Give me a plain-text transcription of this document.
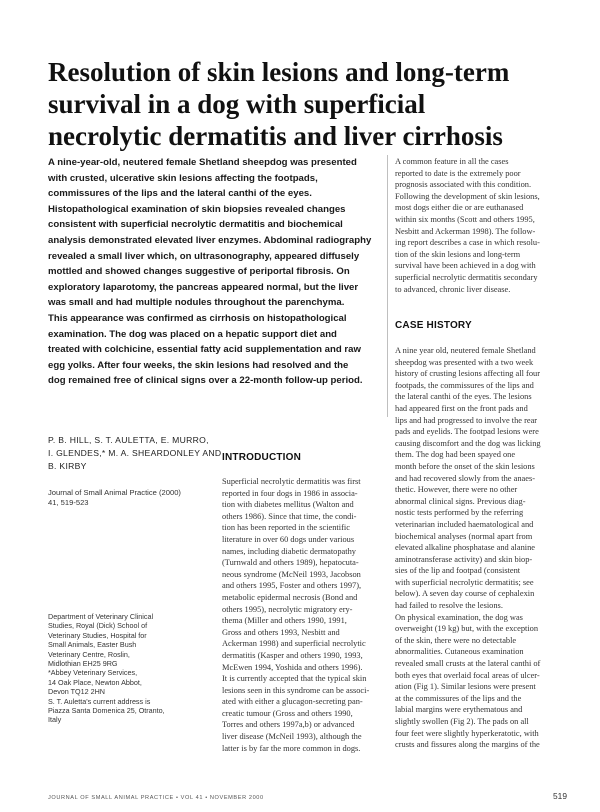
Resolution of skin lesions and long-term
survival in a dog with superficial
necrolytic dermatitis and liver cirrhosis
A nine-year-old, neutered female Shetland sheepdog was presented
with crusted, ulcerative skin lesions affecting the footpads,
commissures of the lips and the lateral canthi of the eyes.
Histopathological examination of skin biopsies revealed changes
consistent with superficial necrolytic dermatitis and biochemical
analysis demonstrated elevated liver enzymes. Abdominal radiography
revealed a small liver which, on ultrasonography, appeared diffusely
mottled and showed changes suggestive of periportal fibrosis. On
exploratory laparotomy, the pancreas appeared normal, but the liver
was small and had multiple nodules throughout the parenchyma.
This appearance was confirmed as cirrhosis on histopathological
examination. The dog was placed on a hepatic support diet and
treated with colchicine, essential fatty acid supplementation and raw
egg yolks. After four weeks, the skin lesions had resolved and the
dog remained free of clinical signs over a 22-month follow-up period.
A common feature in all the cases
reported to date is the extremely poor
prognosis associated with this condition.
Following the development of skin lesions,
most dogs either die or are euthanased
within six months (Scott and others 1995,
Nesbitt and Ackerman 1998). The follow-
ing report describes a case in which resolu-
tion of the skin lesions and long-term
survival have been achieved in a dog with
superficial necrolytic dermatitis secondary
to advanced, chronic liver disease.
CASE HISTORY
A nine year old, neutered female Shetland
sheepdog was presented with a two week
history of crusting lesions affecting all four
footpads, the commissures of the lips and
the lateral canthi of the eyes. The lesions
had appeared first on the front pads and
lips and had progressed to involve the rear
pads and eyelids. The footpad lesions were
causing discomfort and the dog was licking
them. The dog had been spayed one
month before the onset of the skin lesions
and had recovered slowly from the anaes-
thetic. However, there were no other
abnormal clinical signs. Previous diag-
nostic tests performed by the referring
veterinarian included haematological and
biochemical analyses (normal apart from
elevated alkaline phosphatase and alanine
aminotransferase activity) and skin biop-
sies of the lip and footpad (consistent
with superficial necrolytic dermatitis; see
below). A seven day course of cephalexin
had failed to resolve the lesions.
On physical examination, the dog was
overweight (19 kg) but, with the exception
of the skin, there were no detectable
abnormalities. Cutaneous examination
revealed small crusts at the lateral canthi of
both eyes that overlaid focal areas of ulcer-
ation (Fig 1). Similar lesions were present
at the commissures of the lips and the
labial margins were erythematous and
slightly swollen (Fig 2). The pads on all
four feet were slightly hyperkeratotic, with
crusts and fissures along the margins of the
P. B. HILL, S. T. AULETTA, E. MURRO,
I. GLENDES,* M. A. SHEARDONLEY AND
B. KIRBY
Journal of Small Animal Practice (2000)
41, 519-523
Department of Veterinary Clinical
Studies, Royal (Dick) School of
Veterinary Studies, Hospital for
Small Animals, Easter Bush
Veterinary Centre, Roslin,
Midlothian EH25 9RG
*Abbey Veterinary Services,
14 Oak Place, Newton Abbot,
Devon TQ12 2HN
S. T. Auletta's current address is
Piazza Santa Domenica 25, Otranto,
Italy
INTRODUCTION
Superficial necrolytic dermatitis was first
reported in four dogs in 1986 in associa-
tion with diabetes mellitus (Walton and
others 1986). Since that time, the condi-
tion has been reported in the scientific
literature in over 60 dogs under various
names, including diabetic dermatopathy
(Turnwald and others 1989), hepatocuta-
neous syndrome (McNeil 1993, Jacobson
and others 1995, Foster and others 1997),
metabolic epidermal necrosis (Bond and
others 1995), necrolytic migratory ery-
thema (Miller and others 1990, 1991,
Gross and others 1993, Nesbitt and
Ackerman 1998) and superficial necrolytic
dermatitis (Kasper and others 1990, 1993,
McEwen 1994, Yoshida and others 1996).
It is currently accepted that the typical skin
lesions seen in this syndrome can be associ-
ated with either a glucagon-secreting pan-
creatic tumour (Gross and others 1990,
Torres and others 1997a,b) or advanced
liver disease (McNeil 1993), although the
latter is by far the more common in dogs.
JOURNAL OF SMALL ANIMAL PRACTICE • VOL 41 • NOVEMBER 2000	519
